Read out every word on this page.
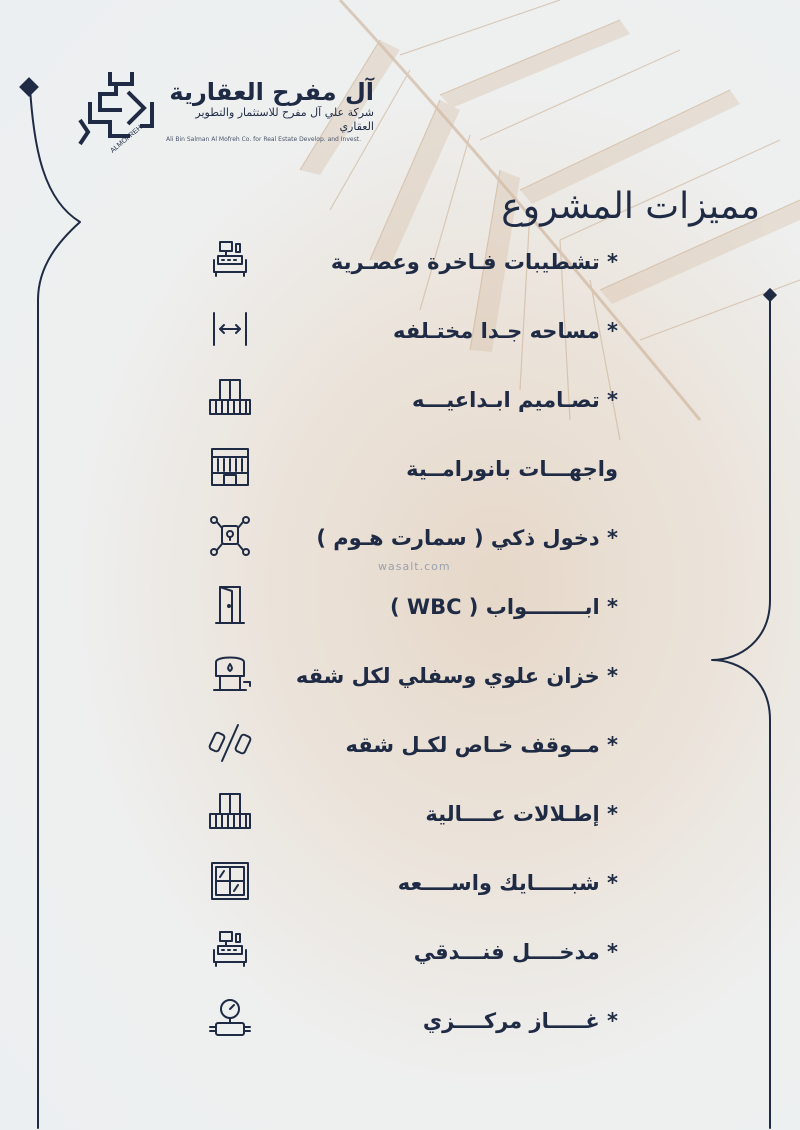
ALMOFREH
آل مفرح العقارية
شركة علي آل مفرح للاستثمار والتطوير العقاري
Ali Bin Salman Al Mofreh Co. for Real Estate Develop. and Invest.
مميزات المشروع
wasalt.com
* تشطيبات فـاخرة وعصـرية
* مساحه جـدا مختـلفه
* تصـاميم ابـداعيـــه
واجهـــات بانورامــية
* دخول ذكي ( سمارت هـوم )
* ابــــــــواب ( WBC )
* خزان علوي وسفلي لكل شقه
* مــوقف خـاص لكـل شقه
* إطـلالات عــــالية
* شبـــــايك واســــعه
* مدخــــل فنـــدقي
* غـــــاز مركــــزي
